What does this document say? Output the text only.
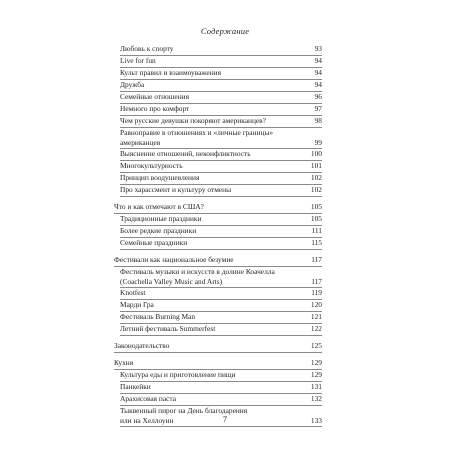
Содержание
Любовь к спорту	93
Live for fun	94
Культ правил и взаимоуважения	94
Дружба	94
Семейные отношения	96
Немного про комфорт	97
Чем русские девушки покоряют американцев?	98
Равноправие в отношениях и «личные границы»
американцев	99
Выяснение отношений, неконфликтность	100
Многокультурность	101
Принцип воодушевления	102
Про харассмент и культуру отмены	102
Что и как отмечают в США?	105
Традиционные праздники	105
Более редкие праздники	111
Семейные праздники	115
Фестивали как национальное безумие	117
Фестиваль музыки и искусств в долине Коачелла
(Coachella Valley Music and Arts)	117
Knotfest	119
Марди Гра	120
Фестиваль Burning Man	121
Летний фестиваль Summerfest	122
Законодательство	125
Кухня	129
Культура еды и приготовление пищи	129
Панкейки	131
Арахисовая паста	132
Тыквенный пирог на День благодарения
или на Хеллоуин	133
7
